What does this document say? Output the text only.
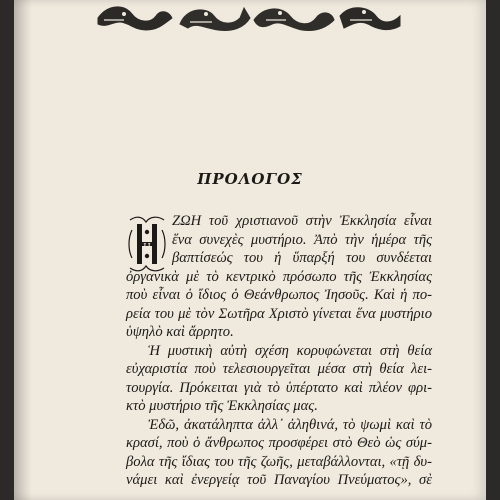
ΠΡΟΛΟΓΟΣ
Η
ΖΩΗ τοῦ χριστιανοῦ στὴν Ἐκκλησία εἶναι
ἕνα συνεχὲς μυστήριο. Ἀπὸ τὴν ἡμέρα τῆς
βαπτίσεώς του ἡ ὕπαρξή του συνδέεται
ὀργανικὰ μὲ τὸ κεντρικὸ πρόσωπο τῆς Ἐκκλησίας
ποὺ εἶναι ὁ ἴδιος ὁ Θεάνθρωπος Ἰησοῦς. Καὶ ἡ πο-
ρεία του μὲ τὸν Σωτῆρα Χριστὸ γίνεται ἕνα μυστήριο
ὑψηλὸ καὶ ἄρρητο.
Ἡ μυστικὴ αὐτὴ σχέση κορυφώνεται στὴ θεία
εὐχαριστία ποὺ τελεσιουργεῖται μέσα στὴ θεία λει-
τουργία. Πρόκειται γιὰ τὸ ὑπέρτατο καὶ πλέον φρι-
κτὸ μυστήριο τῆς Ἐκκλησίας μας.
Ἐδῶ, ἀκατάληπτα ἀλλ᾽ ἀληθινά, τὸ ψωμὶ καὶ τὸ
κρασί, ποὺ ὁ ἄνθρωπος προσφέρει στὸ Θεὸ ὡς σύμ-
βολα τῆς ἴδιας του τῆς ζωῆς, μεταβάλλονται, «τῇ δυ-
νάμει καὶ ἐνεργείᾳ τοῦ Παναγίου Πνεύματος», σὲ
